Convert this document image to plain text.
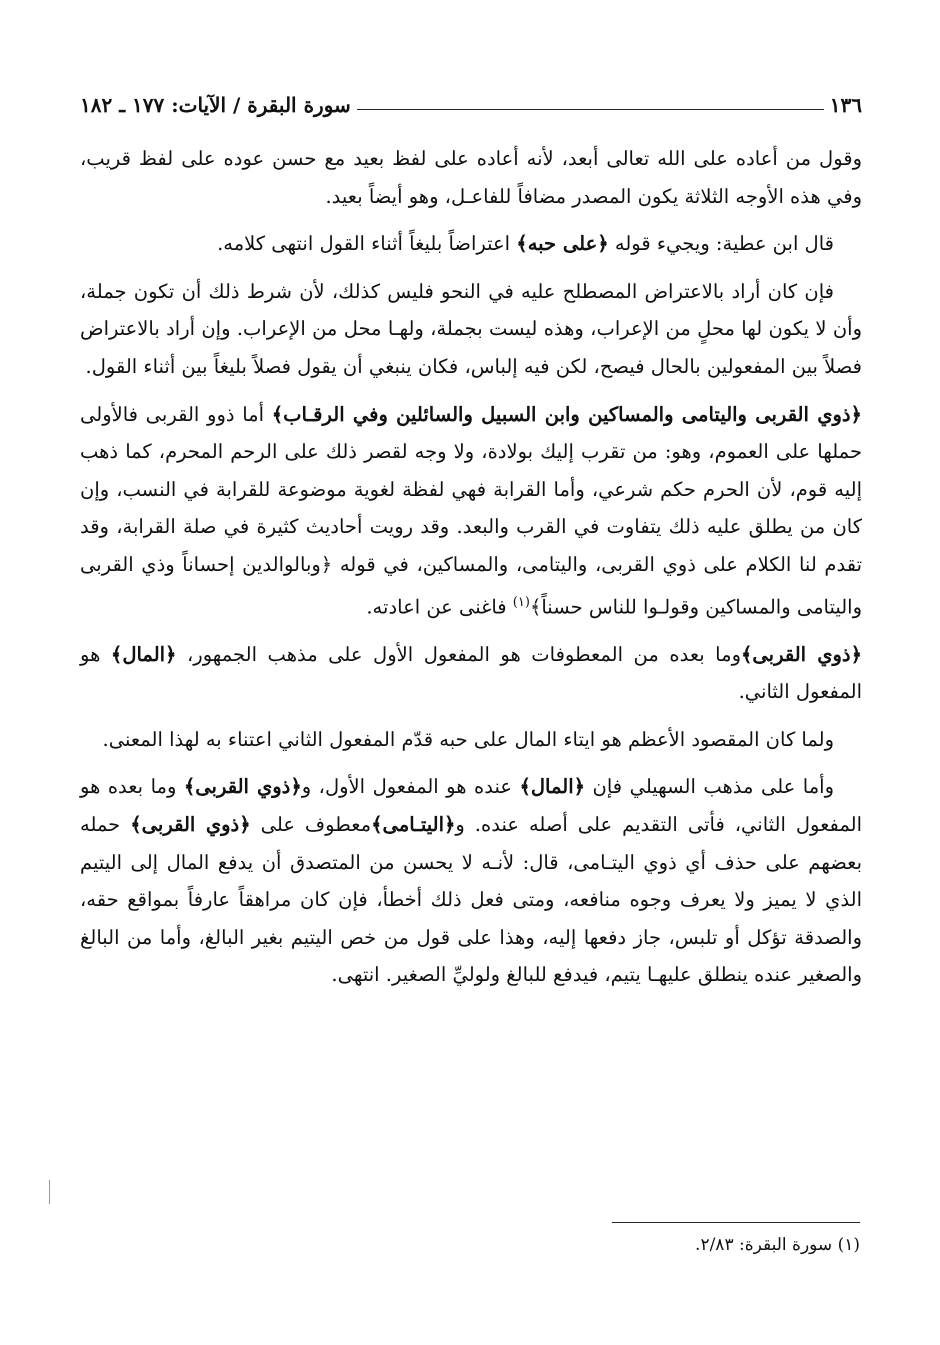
١٣٦
سورة البقرة / الآيات: ١٧٧ ـ ١٨٢

وقول من أعاده على الله تعالى أبعد، لأنه أعاده على لفظ بعيد مع حسن عوده على لفظ قريب، وفي هذه الأوجه الثلاثة يكون المصدر مضافاً للفاعـل، وهو أيضاً بعيد.

قال ابن عطية: ويجيء قوله ﴿على حبه﴾ اعتراضاً بليغاً أثناء القول انتهى كلامه.

فإن كان أراد بالاعتراض المصطلح عليه في النحو فليس كذلك، لأن شرط ذلك أن تكون جملة، وأن لا يكون لها محلٍ من الإعراب، وهذه ليست بجملة، ولهـا محل من الإعراب. وإن أراد بالاعتراض فصلاً بين المفعولين بالحال فيصح، لكن فيه إلباس، فكان ينبغي أن يقول فصلاً بليغاً بين أثناء القول.

﴿ذوي القربى واليتامى والمساكين وابن السبيل والسائلين وفي الرقـاب﴾ أما ذوو القربى فالأولى حملها على العموم، وهو: من تقرب إليك بولادة، ولا وجه لقصر ذلك على الرحم المحرم، كما ذهب إليه قوم، لأن الحرم حكم شرعي، وأما القرابة فهي لفظة لغوية موضوعة للقرابة في النسب، وإن كان من يطلق عليه ذلك يتفاوت في القرب والبعد. وقد رويت أحاديث كثيرة في صلة القرابة، وقد تقدم لنا الكلام على ذوي القربى، واليتامى، والمساكين، في قوله ﴿وبالوالدين إحساناً وذي القربى واليتامى والمساكين وقولـوا للناس حسناً﴾$^{(١)}$ فاغنى عن اعادته.

﴿ذوي القربى﴾وما بعده من المعطوفات هو المفعول الأول على مذهب الجمهور، ﴿المال﴾ هو المفعول الثاني.

ولما كان المقصود الأعظم هو ايتاء المال على حبه قدّم المفعول الثاني اعتناء به لهذا المعنى.

وأما على مذهب السهيلي فإن ﴿المال﴾ عنده هو المفعول الأول، و﴿ذوي القربى﴾ وما بعده هو المفعول الثاني، فأتى التقديم على أصله عنده. و﴿اليتـامى﴾معطوف على ﴿ذوي القربى﴾ حمله بعضهم على حذف أي ذوي اليتـامى، قال: لأنـه لا يحسن من المتصدق أن يدفع المال إلى اليتيم الذي لا يميز ولا يعرف وجوه منافعه، ومتى فعل ذلك أخطأ، فإن كان مراهقاً عارفاً بمواقع حقه، والصدقة تؤكل أو تلبس، جاز دفعها إليه، وهذا على قول من خص اليتيم بغير البالغ، وأما من البالغ والصغير عنده ينطلق عليهـا يتيم، فيدفع للبالغ ولوليِّ الصغير. انتهى.

(١) سورة البقرة: ٢/٨٣.
